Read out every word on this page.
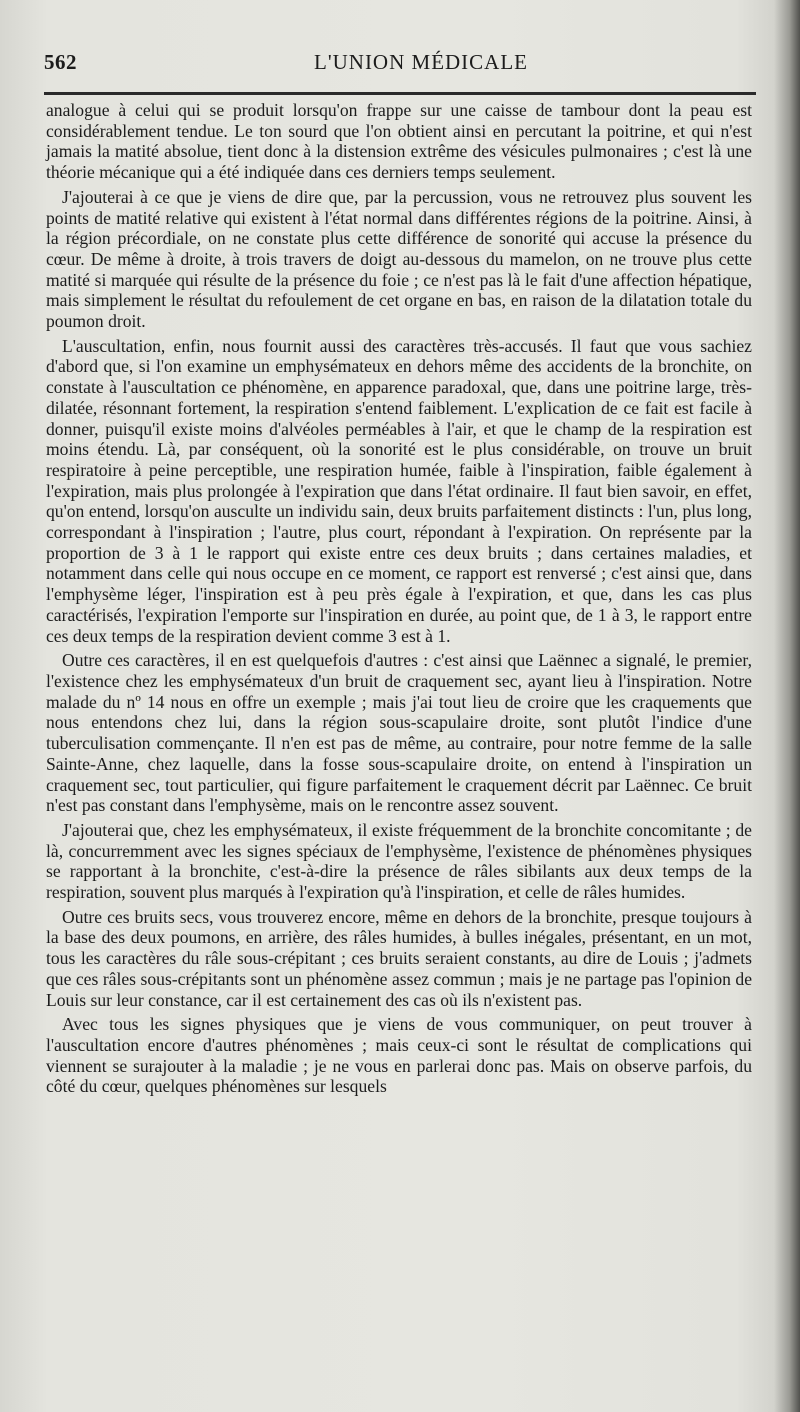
562	L'UNION MÉDICALE

analogue à celui qui se produit lorsqu'on frappe sur une caisse de tambour dont la peau est considérablement tendue. Le ton sourd que l'on obtient ainsi en percutant la poitrine, et qui n'est jamais la matité absolue, tient donc à la distension extrême des vésicules pulmonaires ; c'est là une théorie mécanique qui a été indiquée dans ces derniers temps seulement.

J'ajouterai à ce que je viens de dire que, par la percussion, vous ne retrouvez plus souvent les points de matité relative qui existent à l'état normal dans différentes régions de la poitrine. Ainsi, à la région précordiale, on ne constate plus cette différence de sonorité qui accuse la présence du cœur. De même à droite, à trois travers de doigt au-dessous du mamelon, on ne trouve plus cette matité si marquée qui résulte de la présence du foie ; ce n'est pas là le fait d'une affection hépatique, mais simplement le résultat du refoulement de cet organe en bas, en raison de la dilatation totale du poumon droit.

L'auscultation, enfin, nous fournit aussi des caractères très-accusés. Il faut que vous sachiez d'abord que, si l'on examine un emphysémateux en dehors même des accidents de la bronchite, on constate à l'auscultation ce phénomène, en apparence paradoxal, que, dans une poitrine large, très-dilatée, résonnant fortement, la respiration s'entend faiblement. L'explication de ce fait est facile à donner, puisqu'il existe moins d'alvéoles perméables à l'air, et que le champ de la respiration est moins étendu. Là, par conséquent, où la sonorité est le plus considérable, on trouve un bruit respiratoire à peine perceptible, une respiration humée, faible à l'inspiration, faible également à l'expiration, mais plus prolongée à l'expiration que dans l'état ordinaire. Il faut bien savoir, en effet, qu'on entend, lorsqu'on ausculte un individu sain, deux bruits parfaitement distincts : l'un, plus long, correspondant à l'inspiration ; l'autre, plus court, répondant à l'expiration. On représente par la proportion de 3 à 1 le rapport qui existe entre ces deux bruits ; dans certaines maladies, et notamment dans celle qui nous occupe en ce moment, ce rapport est renversé ; c'est ainsi que, dans l'emphysème léger, l'inspiration est à peu près égale à l'expiration, et que, dans les cas plus caractérisés, l'expiration l'emporte sur l'inspiration en durée, au point que, de 1 à 3, le rapport entre ces deux temps de la respiration devient comme 3 est à 1.

Outre ces caractères, il en est quelquefois d'autres : c'est ainsi que Laënnec a signalé, le premier, l'existence chez les emphysémateux d'un bruit de craquement sec, ayant lieu à l'inspiration. Notre malade du nº 14 nous en offre un exemple ; mais j'ai tout lieu de croire que les craquements que nous entendons chez lui, dans la région sous-scapulaire droite, sont plutôt l'indice d'une tuberculisation commençante. Il n'en est pas de même, au contraire, pour notre femme de la salle Sainte-Anne, chez laquelle, dans la fosse sous-scapulaire droite, on entend à l'inspiration un craquement sec, tout particulier, qui figure parfaitement le craquement décrit par Laënnec. Ce bruit n'est pas constant dans l'emphysème, mais on le rencontre assez souvent.

J'ajouterai que, chez les emphysémateux, il existe fréquemment de la bronchite concomitante ; de là, concurremment avec les signes spéciaux de l'emphysème, l'existence de phénomènes physiques se rapportant à la bronchite, c'est-à-dire la présence de râles sibilants aux deux temps de la respiration, souvent plus marqués à l'expiration qu'à l'inspiration, et celle de râles humides.

Outre ces bruits secs, vous trouverez encore, même en dehors de la bronchite, presque toujours à la base des deux poumons, en arrière, des râles humides, à bulles inégales, présentant, en un mot, tous les caractères du râle sous-crépitant ; ces bruits seraient constants, au dire de Louis ; j'admets que ces râles sous-crépitants sont un phénomène assez commun ; mais je ne partage pas l'opinion de Louis sur leur constance, car il est certainement des cas où ils n'existent pas.

Avec tous les signes physiques que je viens de vous communiquer, on peut trouver à l'auscultation encore d'autres phénomènes ; mais ceux-ci sont le résultat de complications qui viennent se surajouter à la maladie ; je ne vous en parlerai donc pas. Mais on observe parfois, du côté du cœur, quelques phénomènes sur lesquels
